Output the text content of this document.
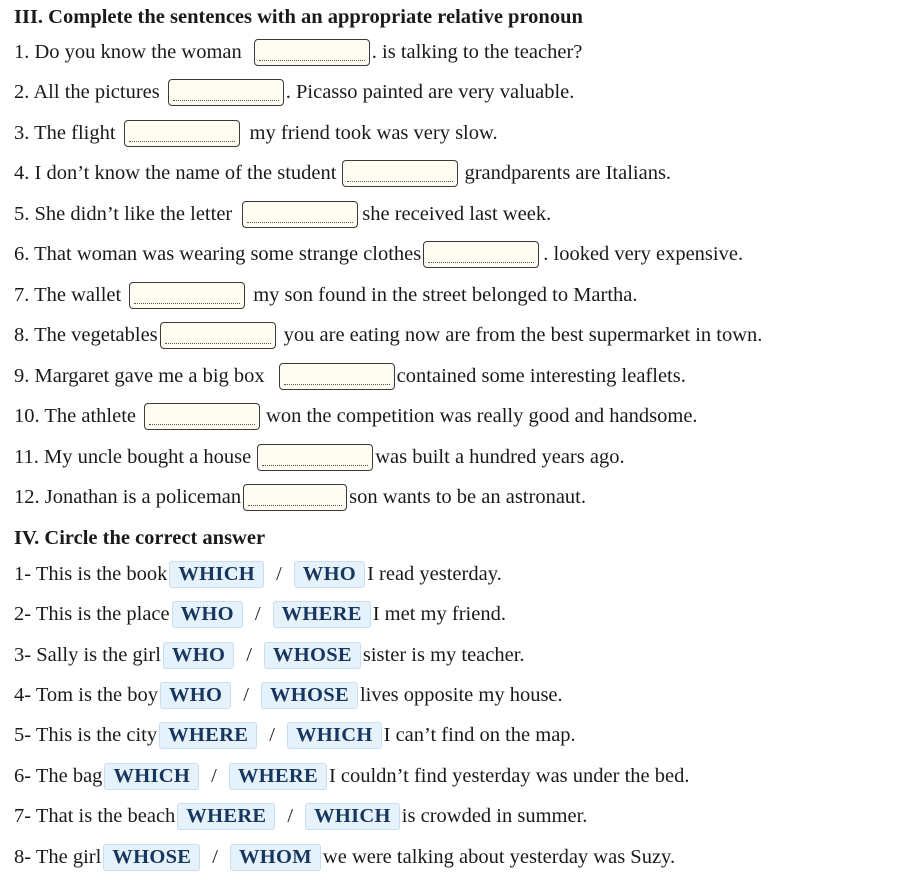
III. Complete the sentences with an appropriate relative pronoun
1. Do you know the woman	. is talking to the teacher?
2. All the pictures	. Picasso painted are very valuable.
3. The flight	my friend took was very slow.
4. I don’t know the name of the student	grandparents are Italians.
5. She didn’t like the letter	she received last week.
6. That woman was wearing some strange clothes	. looked very expensive.
7. The wallet	my son found in the street belonged to Martha.
8. The vegetables	you are eating now are from the best supermarket in town.
9. Margaret gave me a big box	contained some interesting leaflets.
10. The athlete	won the competition was really good and handsome.
11. My uncle bought a house	was built a hundred years ago.
12. Jonathan is a policeman	son wants to be an astronaut.
IV. Circle the correct answer
1- This is the book WHICH	/	WHO I read yesterday.
2- This is the place WHO	/	WHERE I met my friend.
3- Sally is the girl WHO	/	WHOSE sister is my teacher.
4- Tom is the boy WHO	/	WHOSE lives opposite my house.
5- This is the city WHERE	/	WHICH I can’t find on the map.
6- The bag WHICH	/	WHERE I couldn’t find yesterday was under the bed.
7- That is the beach WHERE	/	WHICH is crowded in summer.
8- The girl WHOSE	/	WHOM we were talking about yesterday was Suzy.
